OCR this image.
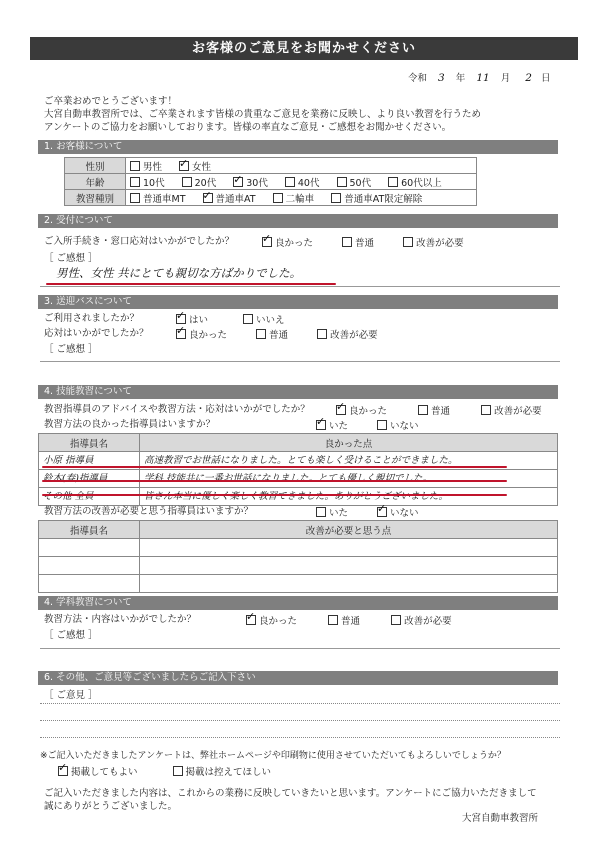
お客様のご意見をお聞かせください
令和 3 年 11 月 2 日
ご卒業おめでとうございます！
大宮自動車教習所では、ご卒業されます皆様の貴重なご意見を業務に反映し、より良い教習を行うため
アンケートのご協力をお願いしております。皆様の率直なご意見・ご感想をお聞かせください。
1. お客様について
性別	男性 ✓ 女性
年齢	10代 20代 ✓ 30代 40代 50代 60代以上
教習種別	普通車MT ✓ 普通車AT 二輪車 普通車AT限定解除
2. 受付について
ご入所手続き・窓口応対はいかがでしたか？	✓ 良かった	普通	改善が必要
［ ご感想 ］
男性、女性 共にとても親切な方ばかりでした。
3. 送迎バスについて
ご利用されましたか？	✓ はい	いいえ
応対はいかがでしたか？ ✓ 良かった	普通	改善が必要
［ ご感想 ］
4. 技能教習について
教習指導員のアドバイスや教習方法・応対はいかがでしたか？ ✓ 良かった	普通	改善が必要
教習方法の良かった指導員はいますか？	✓ いた	いない
指導員名	良かった点
小原 指導員	高速教習でお世話になりました。とても楽しく受けることができました。
鈴木(春)指導員	学科 技能共に一番お世話になりました。とても優しく親切でした。
その他 全員	皆さん本当に優しく楽しく教習できました。ありがとうございました。
教習方法の改善が必要と思う指導員はいますか？	いた	✓ いない
指導員名	改善が必要と思う点

4. 学科教習について
教習方法・内容はいかがでしたか？	✓ 良かった	普通	改善が必要
［ ご感想 ］
6. その他、ご意見等ございましたらご記入下さい
［ ご意見 ］
※ご記入いただきましたアンケートは、弊社ホームページや印刷物に使用させていただいてもよろしいでしょうか？
✓ 掲載してもよい	掲載は控えてほしい
ご記入いただきました内容は、これからの業務に反映していきたいと思います。アンケートにご協力いただきまして
誠にありがとうございました。
大宮自動車教習所
